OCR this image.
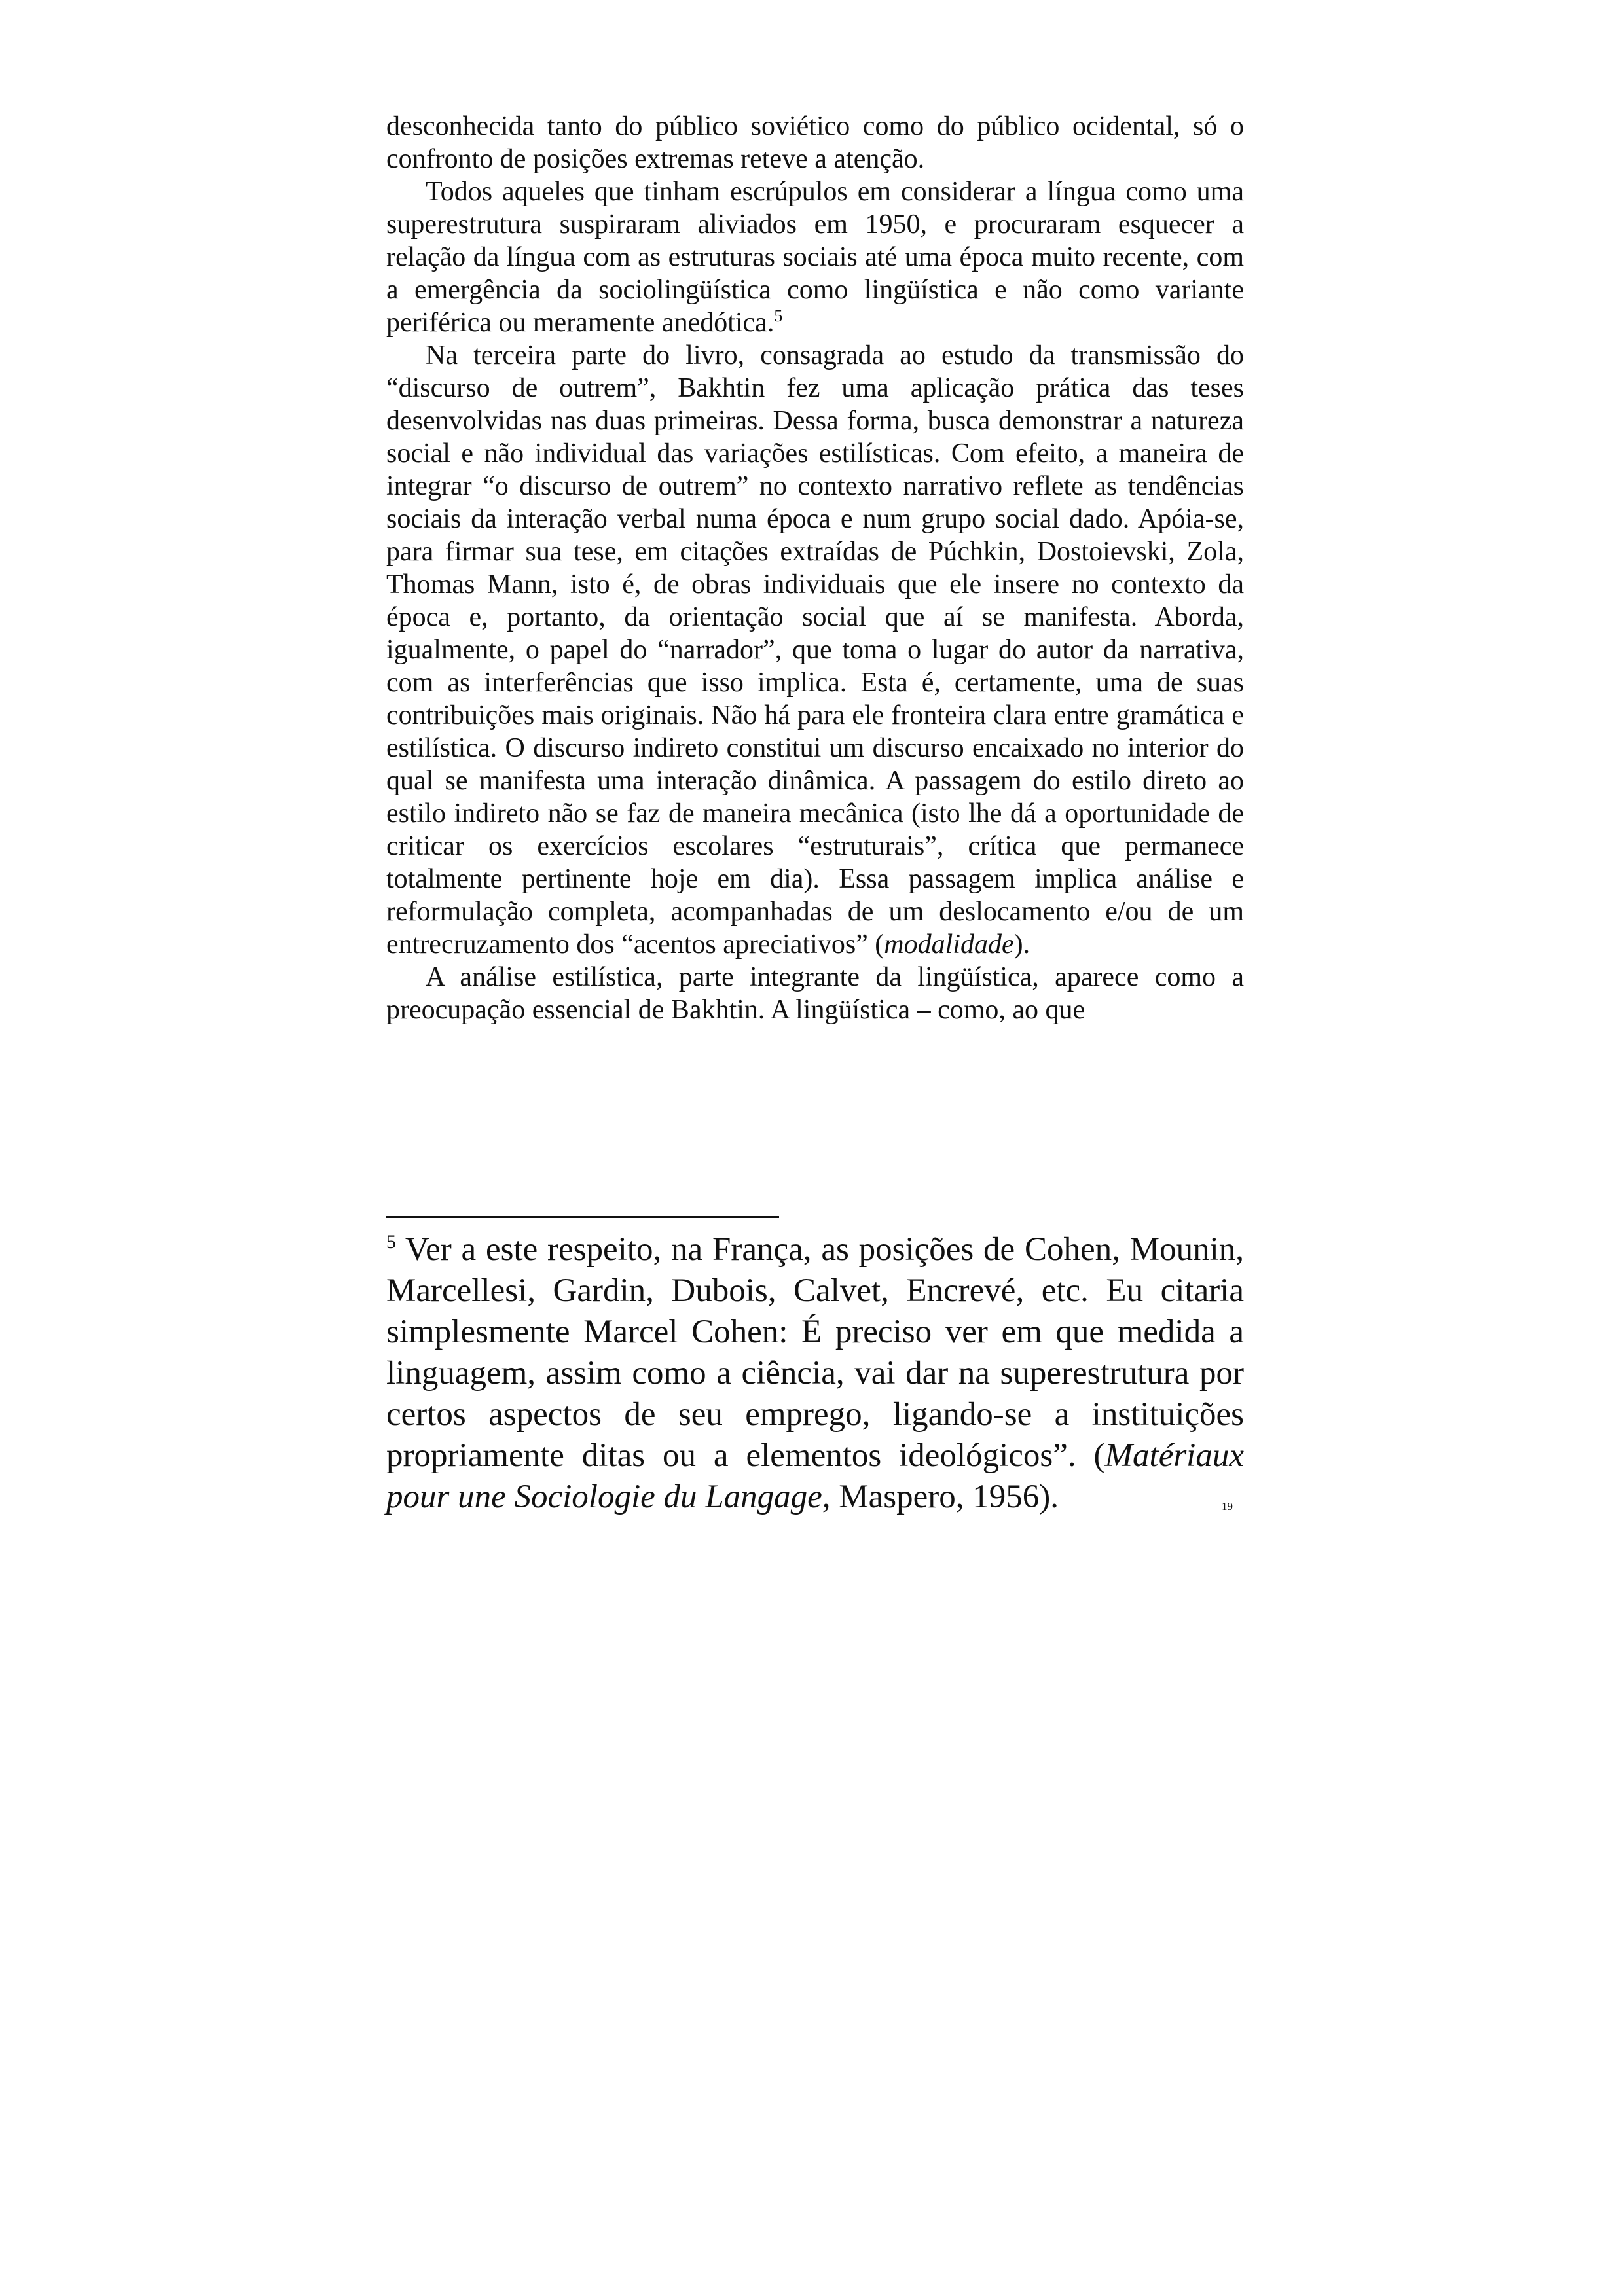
desconhecida tanto do público soviético como do público ocidental, só o confronto de posições extremas reteve a atenção.

Todos aqueles que tinham escrúpulos em considerar a língua como uma superestrutura suspiraram aliviados em 1950, e procuraram esquecer a relação da língua com as estruturas sociais até uma época muito recente, com a emergência da sociolingüística como lingüística e não como variante periférica ou meramente anedótica.$^5$

Na terceira parte do livro, consagrada ao estudo da transmissão do “discurso de outrem”, Bakhtin fez uma aplicação prática das teses desenvolvidas nas duas primeiras. Dessa forma, busca demonstrar a natureza social e não individual das variações estilísticas. Com efeito, a maneira de integrar “o discurso de outrem” no contexto narrativo reflete as tendências sociais da interação verbal numa época e num grupo social dado. Apóia-se, para firmar sua tese, em citações extraídas de Púchkin, Dostoievski, Zola, Thomas Mann, isto é, de obras individuais que ele insere no contexto da época e, portanto, da orientação social que aí se manifesta. Aborda, igualmente, o papel do “narrador”, que toma o lugar do autor da narrativa, com as interferências que isso implica. Esta é, certamente, uma de suas contribuições mais originais. Não há para ele fronteira clara entre gramática e estilística. O discurso indireto constitui um discurso encaixado no interior do qual se manifesta uma interação dinâmica. A passagem do estilo direto ao estilo indireto não se faz de maneira mecânica (isto lhe dá a oportunidade de criticar os exercícios escolares “estruturais”, crítica que permanece totalmente pertinente hoje em dia). Essa passagem implica análise e reformulação completa, acompanhadas de um deslocamento e/ou de um entrecruzamento dos “acentos apreciativos” (modalidade).

A análise estilística, parte integrante da lingüística, aparece como a preocupação essencial de Bakhtin. A lingüística – como, ao que

$^5$ Ver a este respeito, na França, as posições de Cohen, Mounin, Marcellesi, Gardin, Dubois, Calvet, Encrevé, etc. Eu citaria simplesmente Marcel Cohen: É preciso ver em que medida a linguagem, assim como a ciência, vai dar na superestrutura por certos aspectos de seu emprego, ligando-se a instituições propriamente ditas ou a elementos ideológicos”. (Matériaux pour une Sociologie du Langage, Maspero, 1956).	19
